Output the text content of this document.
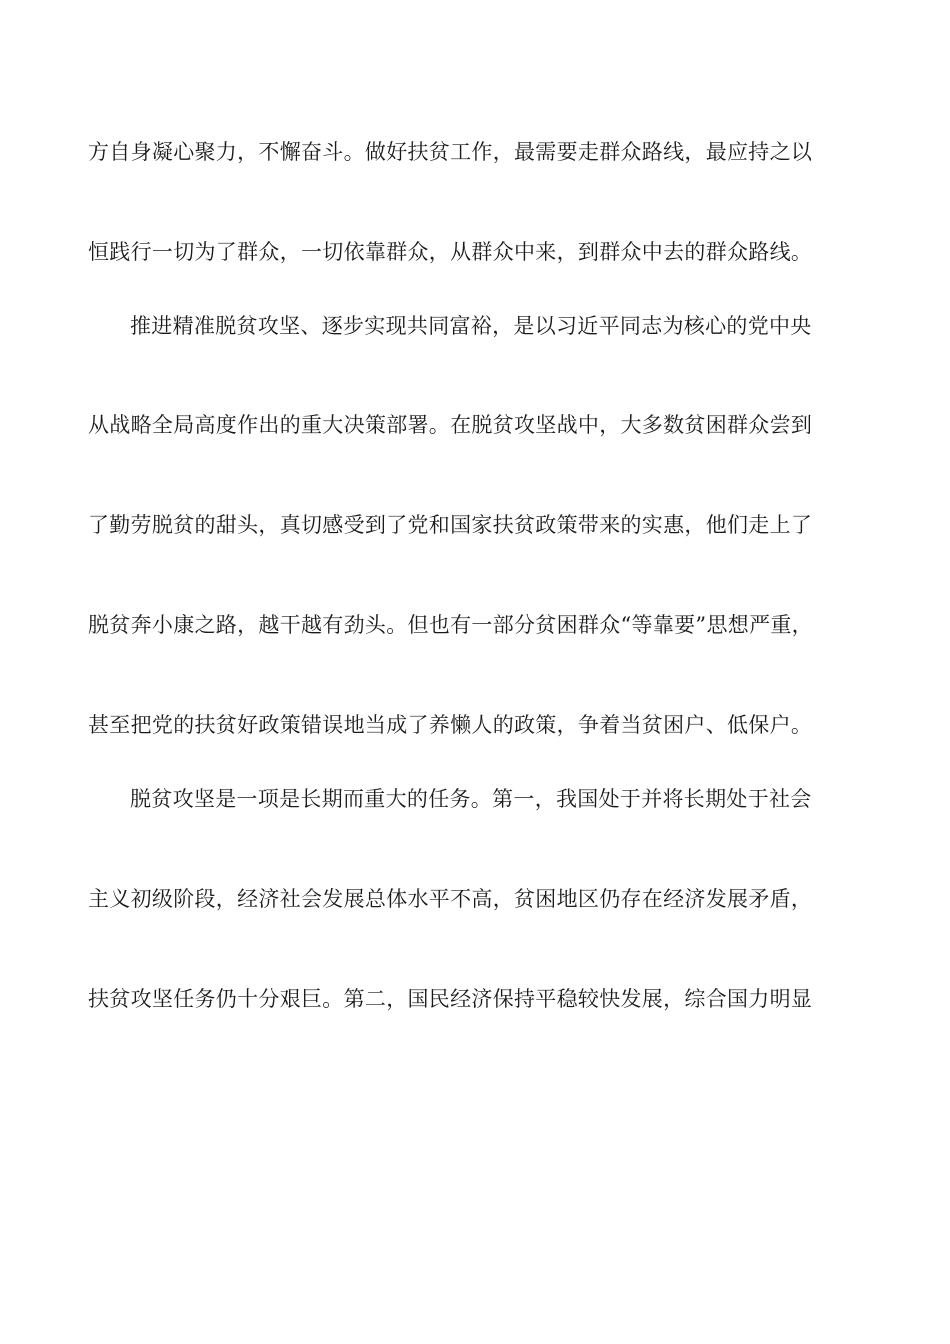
方自身凝心聚力，不懈奋斗。做好扶贫工作，最需要走群众路线，最应持之以
恒践行一切为了群众，一切依靠群众，从群众中来，到群众中去的群众路线。
推进精准脱贫攻坚、逐步实现共同富裕，是以习近平同志为核心的党中央
从战略全局高度作出的重大决策部署。在脱贫攻坚战中，大多数贫困群众尝到
了勤劳脱贫的甜头，真切感受到了党和国家扶贫政策带来的实惠，他们走上了
脱贫奔小康之路，越干越有劲头。但也有一部分贫困群众“等靠要”思想严重，
甚至把党的扶贫好政策错误地当成了养懒人的政策，争着当贫困户、低保户。
脱贫攻坚是一项是长期而重大的任务。第一，我国处于并将长期处于社会
主义初级阶段，经济社会发展总体水平不高，贫困地区仍存在经济发展矛盾，
扶贫攻坚任务仍十分艰巨。第二，国民经济保持平稳较快发展，综合国力明显
